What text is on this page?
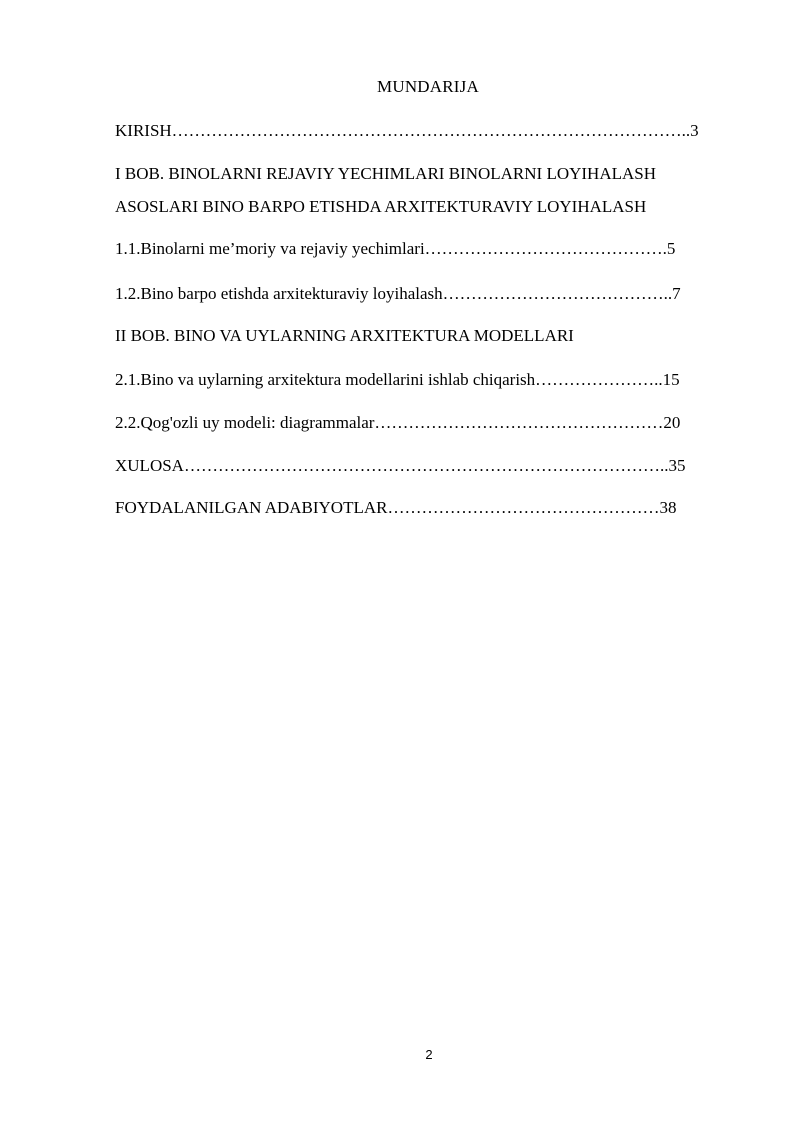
MUNDARIJA
KIRISH………………………………………………………………………………..3
I BOB. BINOLARNI REJAVIY YECHIMLARI BINOLARNI LOYIHALASH
ASOSLARI BINO BARPO ETISHDA ARXITEKTURAVIY LOYIHALASH
1.1.Binolarni me’moriy va rejaviy yechimlari…………………………………….5
1.2.Bino barpo etishda arxitekturaviy loyihalash…………………………………..7
II BOB. BINO VA UYLARNING ARXITEKTURA MODELLARI
2.1.Bino va uylarning arxitektura modellarini ishlab chiqarish…………………..15
2.2.Qog'ozli uy modeli: diagrammalar……………………………………………20
XULOSA…………………………………………………………………………..35
FOYDALANILGAN ADABIYOTLAR…………………………………………38
2
